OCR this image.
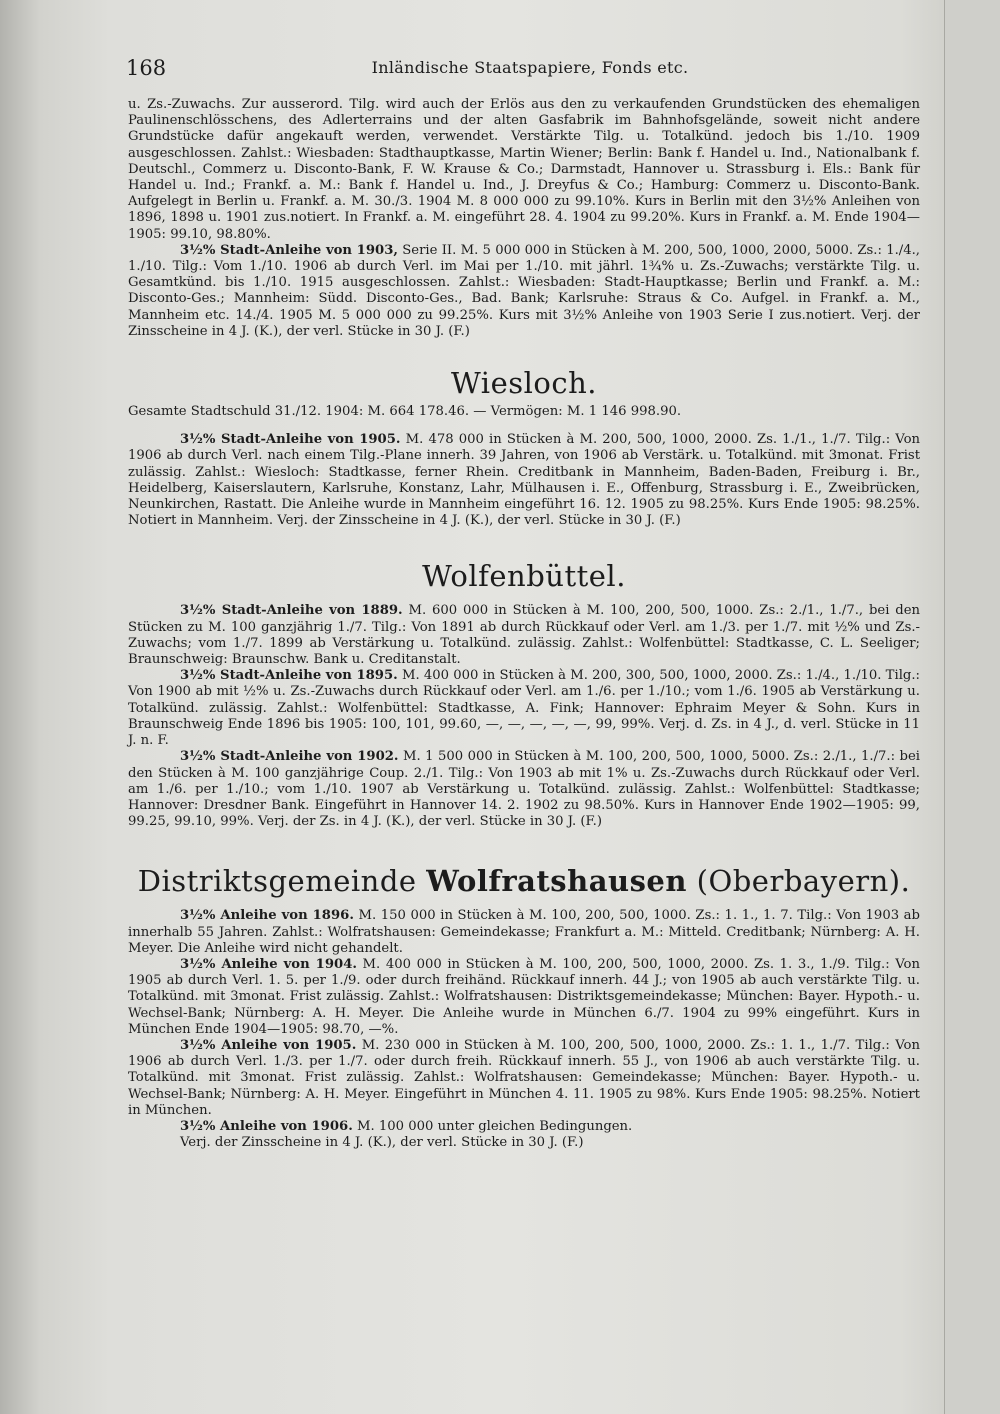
168	Inländische Staatspapiere, Fonds etc.

u. Zs.-Zuwachs. Zur ausserord. Tilg. wird auch der Erlös aus den zu verkaufenden Grundstücken des ehemaligen Paulinenschlösschens, des Adlerterrains und der alten Gasfabrik im Bahnhofsgelände, soweit nicht andere Grundstücke dafür angekauft werden, verwendet. Verstärkte Tilg. u. Totalkünd. jedoch bis 1./10. 1909 ausgeschlossen. Zahlst.: Wiesbaden: Stadthauptkasse, Martin Wiener; Berlin: Bank f. Handel u. Ind., Nationalbank f. Deutschl., Commerz u. Disconto-Bank, F. W. Krause & Co.; Darmstadt, Hannover u. Strassburg i. Els.: Bank für Handel u. Ind.; Frankf. a. M.: Bank f. Handel u. Ind., J. Dreyfus & Co.; Hamburg: Commerz u. Disconto-Bank. Aufgelegt in Berlin u. Frankf. a. M. 30./3. 1904 M. 8 000 000 zu 99.10%. Kurs in Berlin mit den 3½% Anleihen von 1896, 1898 u. 1901 zus.notiert. In Frankf. a. M. eingeführt 28. 4. 1904 zu 99.20%. Kurs in Frankf. a. M. Ende 1904—1905: 99.10, 98.80%.

3½% Stadt-Anleihe von 1903, Serie II. M. 5 000 000 in Stücken à M. 200, 500, 1000, 2000, 5000. Zs.: 1./4., 1./10. Tilg.: Vom 1./10. 1906 ab durch Verl. im Mai per 1./10. mit jährl. 1¾% u. Zs.-Zuwachs; verstärkte Tilg. u. Gesamtkünd. bis 1./10. 1915 ausgeschlossen. Zahlst.: Wiesbaden: Stadt-Hauptkasse; Berlin und Frankf. a. M.: Disconto-Ges.; Mannheim: Südd. Disconto-Ges., Bad. Bank; Karlsruhe: Straus & Co. Aufgel. in Frankf. a. M., Mannheim etc. 14./4. 1905 M. 5 000 000 zu 99.25%. Kurs mit 3½% Anleihe von 1903 Serie I zus.notiert. Verj. der Zinsscheine in 4 J. (K.), der verl. Stücke in 30 J. (F.)

Wiesloch.

Gesamte Stadtschuld 31./12. 1904: M. 664 178.46. — Vermögen: M. 1 146 998.90.

3½% Stadt-Anleihe von 1905. M. 478 000 in Stücken à M. 200, 500, 1000, 2000. Zs. 1./1., 1./7. Tilg.: Von 1906 ab durch Verl. nach einem Tilg.-Plane innerh. 39 Jahren, von 1906 ab Verstärk. u. Totalkünd. mit 3monat. Frist zulässig. Zahlst.: Wiesloch: Stadtkasse, ferner Rhein. Creditbank in Mannheim, Baden-Baden, Freiburg i. Br., Heidelberg, Kaiserslautern, Karlsruhe, Konstanz, Lahr, Mülhausen i. E., Offenburg, Strassburg i. E., Zweibrücken, Neunkirchen, Rastatt. Die Anleihe wurde in Mannheim eingeführt 16. 12. 1905 zu 98.25%. Kurs Ende 1905: 98.25%. Notiert in Mannheim. Verj. der Zinsscheine in 4 J. (K.), der verl. Stücke in 30 J. (F.)

Wolfenbüttel.

3½% Stadt-Anleihe von 1889. M. 600 000 in Stücken à M. 100, 200, 500, 1000. Zs.: 2./1., 1./7., bei den Stücken zu M. 100 ganzjährig 1./7. Tilg.: Von 1891 ab durch Rückkauf oder Verl. am 1./3. per 1./7. mit ½% und Zs.-Zuwachs; vom 1./7. 1899 ab Verstärkung u. Totalkünd. zulässig. Zahlst.: Wolfenbüttel: Stadtkasse, C. L. Seeliger; Braunschweig: Braunschw. Bank u. Creditanstalt.

3½% Stadt-Anleihe von 1895. M. 400 000 in Stücken à M. 200, 300, 500, 1000, 2000. Zs.: 1./4., 1./10. Tilg.: Von 1900 ab mit ½% u. Zs.-Zuwachs durch Rückkauf oder Verl. am 1./6. per 1./10.; vom 1./6. 1905 ab Verstärkung u. Totalkünd. zulässig. Zahlst.: Wolfenbüttel: Stadtkasse, A. Fink; Hannover: Ephraim Meyer & Sohn. Kurs in Braunschweig Ende 1896 bis 1905: 100, 101, 99.60, —, —, —, —, —, 99, 99%. Verj. d. Zs. in 4 J., d. verl. Stücke in 11 J. n. F.

3½% Stadt-Anleihe von 1902. M. 1 500 000 in Stücken à M. 100, 200, 500, 1000, 5000. Zs.: 2./1., 1./7.: bei den Stücken à M. 100 ganzjährige Coup. 2./1. Tilg.: Von 1903 ab mit 1% u. Zs.-Zuwachs durch Rückkauf oder Verl. am 1./6. per 1./10.; vom 1./10. 1907 ab Verstärkung u. Totalkünd. zulässig. Zahlst.: Wolfenbüttel: Stadtkasse; Hannover: Dresdner Bank. Eingeführt in Hannover 14. 2. 1902 zu 98.50%. Kurs in Hannover Ende 1902—1905: 99, 99.25, 99.10, 99%. Verj. der Zs. in 4 J. (K.), der verl. Stücke in 30 J. (F.)

Distriktsgemeinde Wolfratshausen (Oberbayern).

3½% Anleihe von 1896. M. 150 000 in Stücken à M. 100, 200, 500, 1000. Zs.: 1. 1., 1. 7. Tilg.: Von 1903 ab innerhalb 55 Jahren. Zahlst.: Wolfratshausen: Gemeindekasse; Frankfurt a. M.: Mitteld. Creditbank; Nürnberg: A. H. Meyer. Die Anleihe wird nicht gehandelt.

3½% Anleihe von 1904. M. 400 000 in Stücken à M. 100, 200, 500, 1000, 2000. Zs. 1. 3., 1./9. Tilg.: Von 1905 ab durch Verl. 1. 5. per 1./9. oder durch freihänd. Rückkauf innerh. 44 J.; von 1905 ab auch verstärkte Tilg. u. Totalkünd. mit 3monat. Frist zulässig. Zahlst.: Wolfratshausen: Distriktsgemeindekasse; München: Bayer. Hypoth.- u. Wechsel-Bank; Nürnberg: A. H. Meyer. Die Anleihe wurde in München 6./7. 1904 zu 99% eingeführt. Kurs in München Ende 1904—1905: 98.70, —%.

3½% Anleihe von 1905. M. 230 000 in Stücken à M. 100, 200, 500, 1000, 2000. Zs.: 1. 1., 1./7. Tilg.: Von 1906 ab durch Verl. 1./3. per 1./7. oder durch freih. Rückkauf innerh. 55 J., von 1906 ab auch verstärkte Tilg. u. Totalkünd. mit 3monat. Frist zulässig. Zahlst.: Wolfratshausen: Gemeindekasse; München: Bayer. Hypoth.- u. Wechsel-Bank; Nürnberg: A. H. Meyer. Eingeführt in München 4. 11. 1905 zu 98%. Kurs Ende 1905: 98.25%. Notiert in München.

3½% Anleihe von 1906. M. 100 000 unter gleichen Bedingungen.

Verj. der Zinsscheine in 4 J. (K.), der verl. Stücke in 30 J. (F.)
